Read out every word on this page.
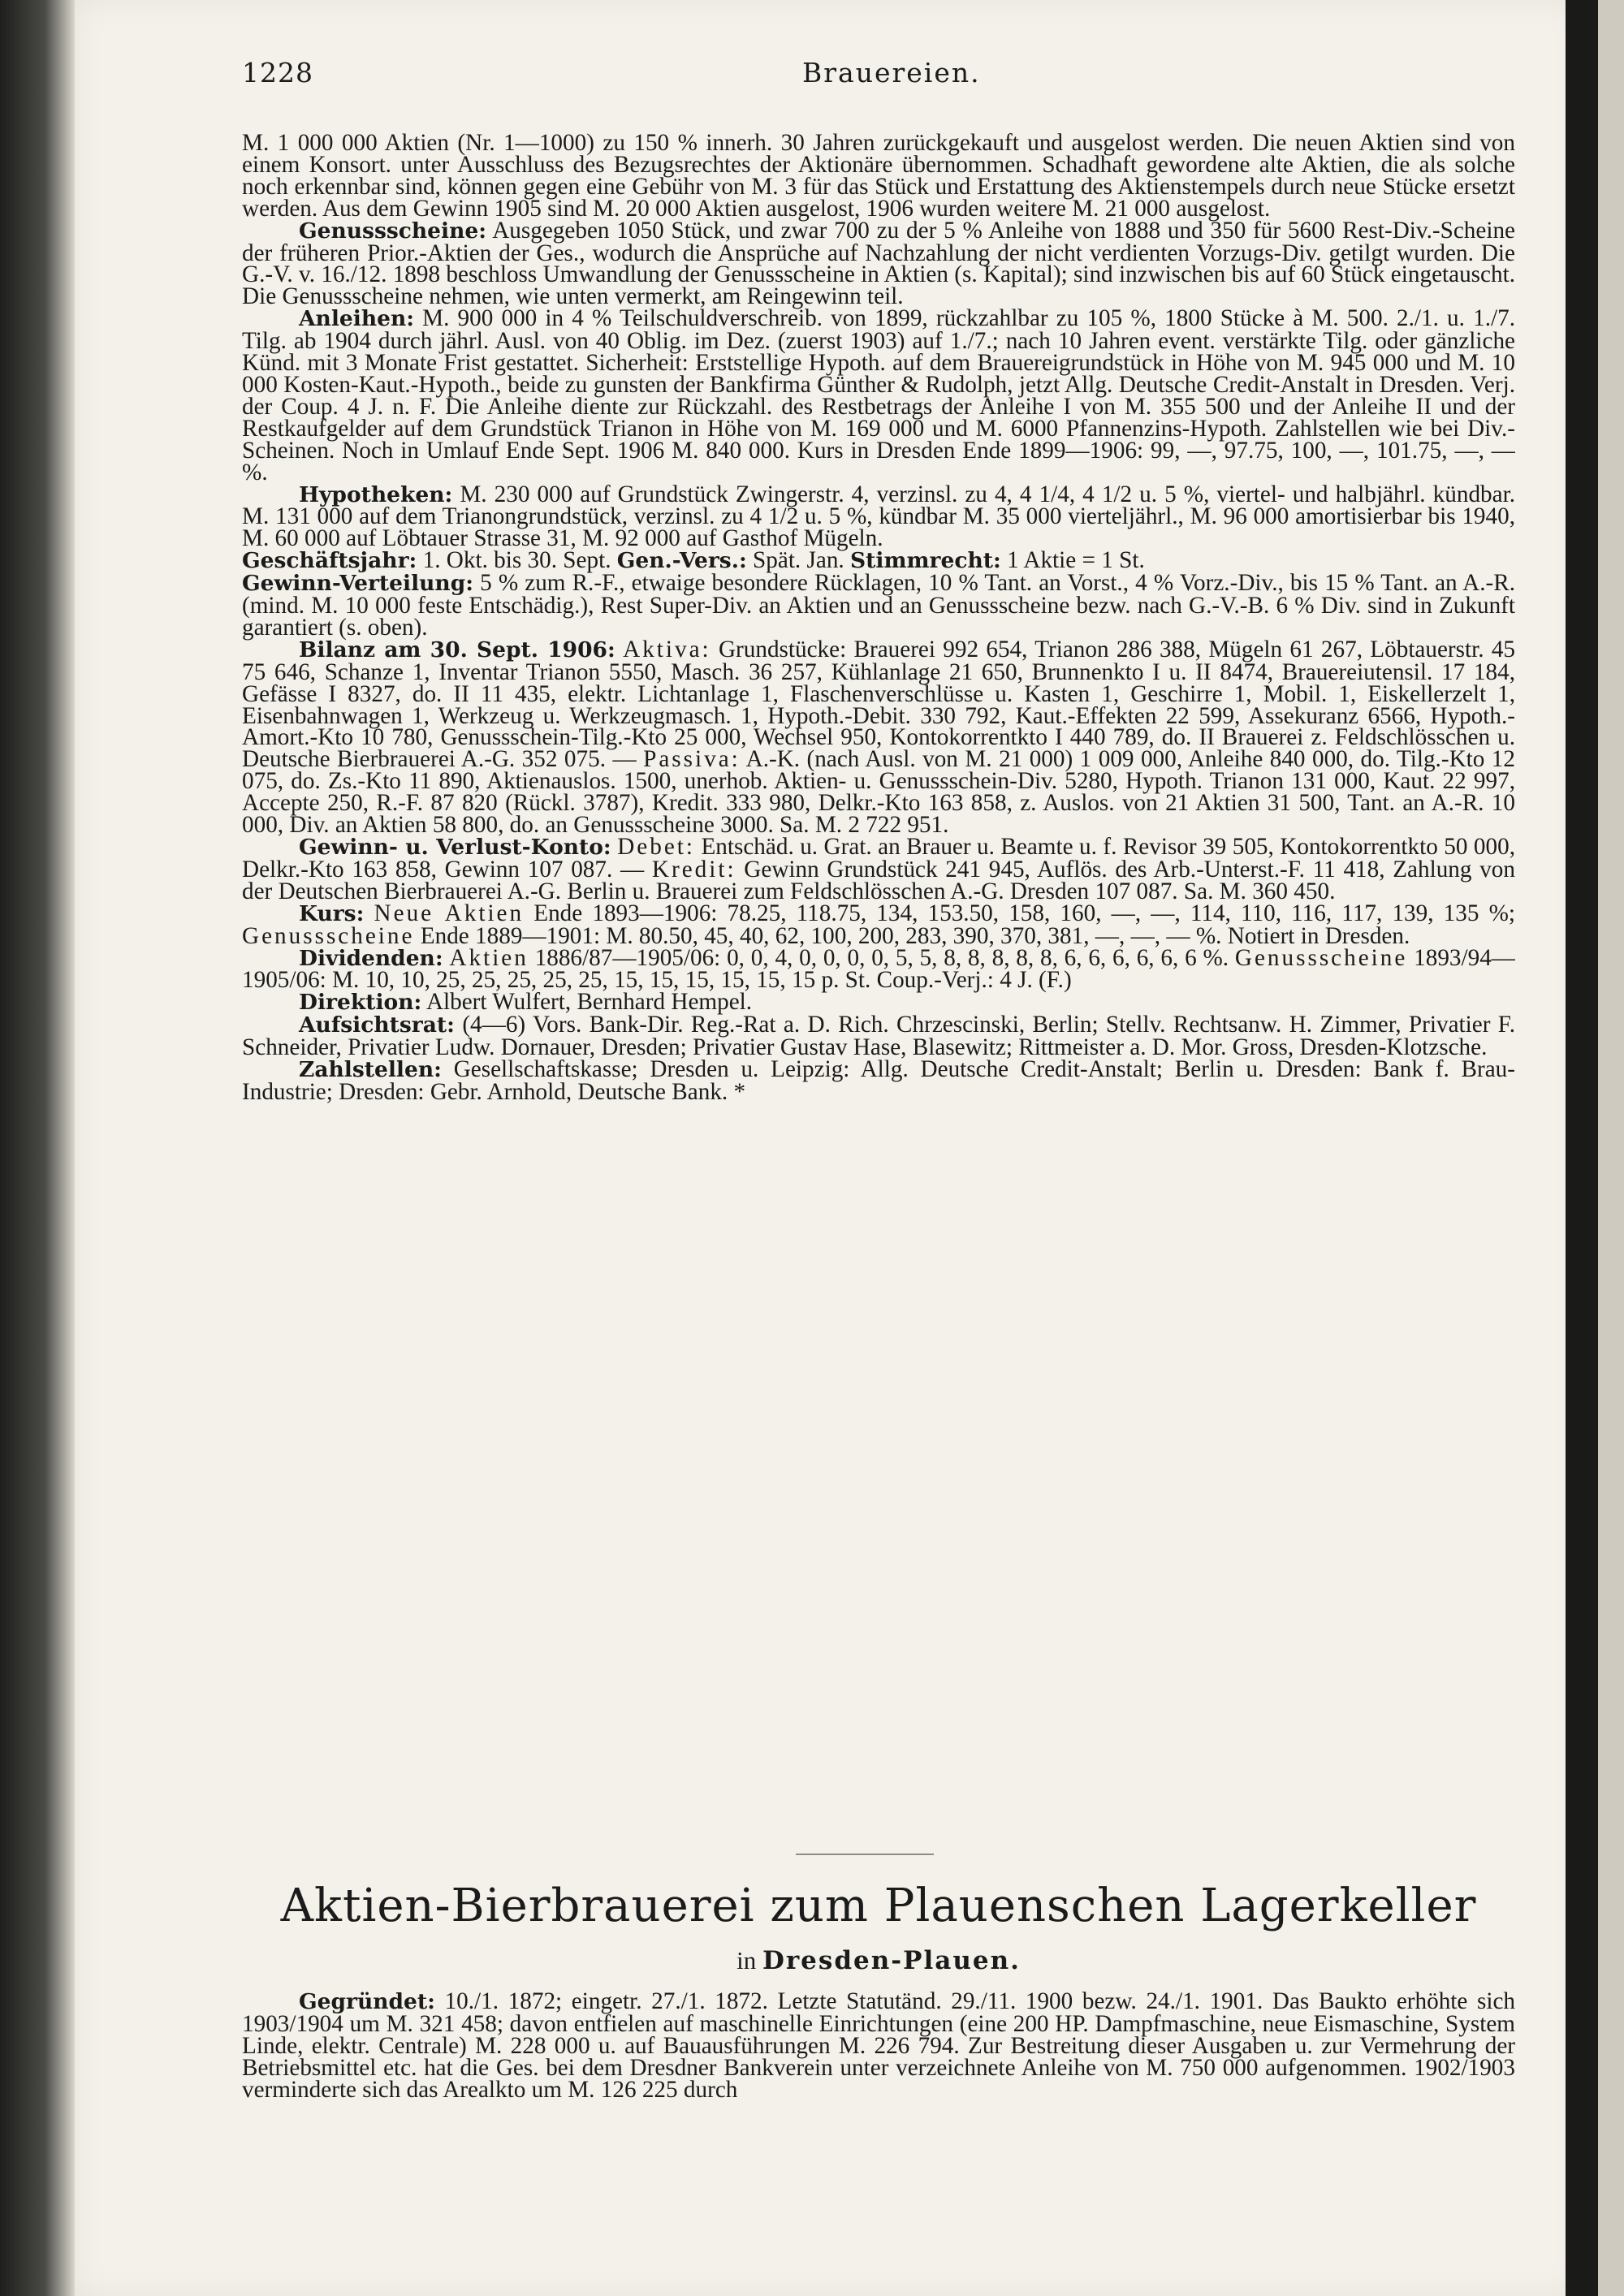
1228	Brauereien.

M. 1 000 000 Aktien (Nr. 1—1000) zu 150 % innerh. 30 Jahren zurückgekauft und ausgelost werden. Die neuen Aktien sind von einem Konsort. unter Ausschluss des Bezugsrechtes der Aktionäre übernommen. Schadhaft gewordene alte Aktien, die als solche noch erkennbar sind, können gegen eine Gebühr von M. 3 für das Stück und Erstattung des Aktienstempels durch neue Stücke ersetzt werden. Aus dem Gewinn 1905 sind M. 20 000 Aktien ausgelost, 1906 wurden weitere M. 21 000 ausgelost.

Genussscheine: Ausgegeben 1050 Stück, und zwar 700 zu der 5 % Anleihe von 1888 und 350 für 5600 Rest-Div.-Scheine der früheren Prior.-Aktien der Ges., wodurch die Ansprüche auf Nachzahlung der nicht verdienten Vorzugs-Div. getilgt wurden. Die G.-V. v. 16./12. 1898 beschloss Umwandlung der Genussscheine in Aktien (s. Kapital); sind inzwischen bis auf 60 Stück eingetauscht. Die Genussscheine nehmen, wie unten vermerkt, am Reingewinn teil.

Anleihen: M. 900 000 in 4 % Teilschuldverschreib. von 1899, rückzahlbar zu 105 %, 1800 Stücke à M. 500. 2./1. u. 1./7. Tilg. ab 1904 durch jährl. Ausl. von 40 Oblig. im Dez. (zuerst 1903) auf 1./7.; nach 10 Jahren event. verstärkte Tilg. oder gänzliche Künd. mit 3 Monate Frist gestattet. Sicherheit: Erststellige Hypoth. auf dem Brauereigrundstück in Höhe von M. 945 000 und M. 10 000 Kosten-Kaut.-Hypoth., beide zu gunsten der Bankfirma Günther & Rudolph, jetzt Allg. Deutsche Credit-Anstalt in Dresden. Verj. der Coup. 4 J. n. F. Die Anleihe diente zur Rückzahl. des Restbetrags der Anleihe I von M. 355 500 und der Anleihe II und der Restkaufgelder auf dem Grundstück Trianon in Höhe von M. 169 000 und M. 6000 Pfannenzins-Hypoth. Zahlstellen wie bei Div.-Scheinen. Noch in Umlauf Ende Sept. 1906 M. 840 000. Kurs in Dresden Ende 1899—1906: 99, —, 97.75, 100, —, 101.75, —, — %.

Hypotheken: M. 230 000 auf Grundstück Zwingerstr. 4, verzinsl. zu 4, 4 1/4, 4 1/2 u. 5 %, viertel- und halbjährl. kündbar. M. 131 000 auf dem Trianongrundstück, verzinsl. zu 4 1/2 u. 5 %, kündbar M. 35 000 vierteljährl., M. 96 000 amortisierbar bis 1940, M. 60 000 auf Löbtauer Strasse 31, M. 92 000 auf Gasthof Mügeln.

Geschäftsjahr: 1. Okt. bis 30. Sept. Gen.-Vers.: Spät. Jan. Stimmrecht: 1 Aktie = 1 St.

Gewinn-Verteilung: 5 % zum R.-F., etwaige besondere Rücklagen, 10 % Tant. an Vorst., 4 % Vorz.-Div., bis 15 % Tant. an A.-R. (mind. M. 10 000 feste Entschädig.), Rest Super-Div. an Aktien und an Genussscheine bezw. nach G.-V.-B. 6 % Div. sind in Zukunft garantiert (s. oben).

Bilanz am 30. Sept. 1906: Aktiva: Grundstücke: Brauerei 992 654, Trianon 286 388, Mügeln 61 267, Löbtauerstr. 45 75 646, Schanze 1, Inventar Trianon 5550, Masch. 36 257, Kühlanlage 21 650, Brunnenkto I u. II 8474, Brauereiutensil. 17 184, Gefässe I 8327, do. II 11 435, elektr. Lichtanlage 1, Flaschenverschlüsse u. Kasten 1, Geschirre 1, Mobil. 1, Eiskellerzelt 1, Eisenbahnwagen 1, Werkzeug u. Werkzeugmasch. 1, Hypoth.-Debit. 330 792, Kaut.-Effekten 22 599, Assekuranz 6566, Hypoth.-Amort.-Kto 10 780, Genussschein-Tilg.-Kto 25 000, Wechsel 950, Kontokorrentkto I 440 789, do. II Brauerei z. Feldschlösschen u. Deutsche Bierbrauerei A.-G. 352 075. — Passiva: A.-K. (nach Ausl. von M. 21 000) 1 009 000, Anleihe 840 000, do. Tilg.-Kto 12 075, do. Zs.-Kto 11 890, Aktienauslos. 1500, unerhob. Aktien- u. Genussschein-Div. 5280, Hypoth. Trianon 131 000, Kaut. 22 997, Accepte 250, R.-F. 87 820 (Rückl. 3787), Kredit. 333 980, Delkr.-Kto 163 858, z. Auslos. von 21 Aktien 31 500, Tant. an A.-R. 10 000, Div. an Aktien 58 800, do. an Genussscheine 3000. Sa. M. 2 722 951.

Gewinn- u. Verlust-Konto: Debet: Entschäd. u. Grat. an Brauer u. Beamte u. f. Revisor 39 505, Kontokorrentkto 50 000, Delkr.-Kto 163 858, Gewinn 107 087. — Kredit: Gewinn Grundstück 241 945, Auflös. des Arb.-Unterst.-F. 11 418, Zahlung von der Deutschen Bierbrauerei A.-G. Berlin u. Brauerei zum Feldschlösschen A.-G. Dresden 107 087. Sa. M. 360 450.

Kurs: Neue Aktien Ende 1893—1906: 78.25, 118.75, 134, 153.50, 158, 160, —, —, 114, 110, 116, 117, 139, 135 %; Genussscheine Ende 1889—1901: M. 80.50, 45, 40, 62, 100, 200, 283, 390, 370, 381, —, —, — %. Notiert in Dresden.

Dividenden: Aktien 1886/87—1905/06: 0, 0, 4, 0, 0, 0, 0, 5, 5, 8, 8, 8, 8, 8, 6, 6, 6, 6, 6, 6 %. Genussscheine 1893/94—1905/06: M. 10, 10, 25, 25, 25, 25, 25, 15, 15, 15, 15, 15, 15 p. St. Coup.-Verj.: 4 J. (F.)

Direktion: Albert Wulfert, Bernhard Hempel.

Aufsichtsrat: (4—6) Vors. Bank-Dir. Reg.-Rat a. D. Rich. Chrzescinski, Berlin; Stellv. Rechtsanw. H. Zimmer, Privatier F. Schneider, Privatier Ludw. Dornauer, Dresden; Privatier Gustav Hase, Blasewitz; Rittmeister a. D. Mor. Gross, Dresden-Klotzsche.

Zahlstellen: Gesellschaftskasse; Dresden u. Leipzig: Allg. Deutsche Credit-Anstalt; Berlin u. Dresden: Bank f. Brau-Industrie; Dresden: Gebr. Arnhold, Deutsche Bank. *

Aktien-Bierbrauerei zum Plauenschen Lagerkeller
in Dresden-Plauen.

Gegründet: 10./1. 1872; eingetr. 27./1. 1872. Letzte Statutänd. 29./11. 1900 bezw. 24./1. 1901. Das Baukto erhöhte sich 1903/1904 um M. 321 458; davon entfielen auf maschinelle Einrichtungen (eine 200 HP. Dampfmaschine, neue Eismaschine, System Linde, elektr. Centrale) M. 228 000 u. auf Bauausführungen M. 226 794. Zur Bestreitung dieser Ausgaben u. zur Vermehrung der Betriebsmittel etc. hat die Ges. bei dem Dresdner Bankverein unter verzeichnete Anleihe von M. 750 000 aufgenommen. 1902/1903 verminderte sich das Arealkto um M. 126 225 durch
